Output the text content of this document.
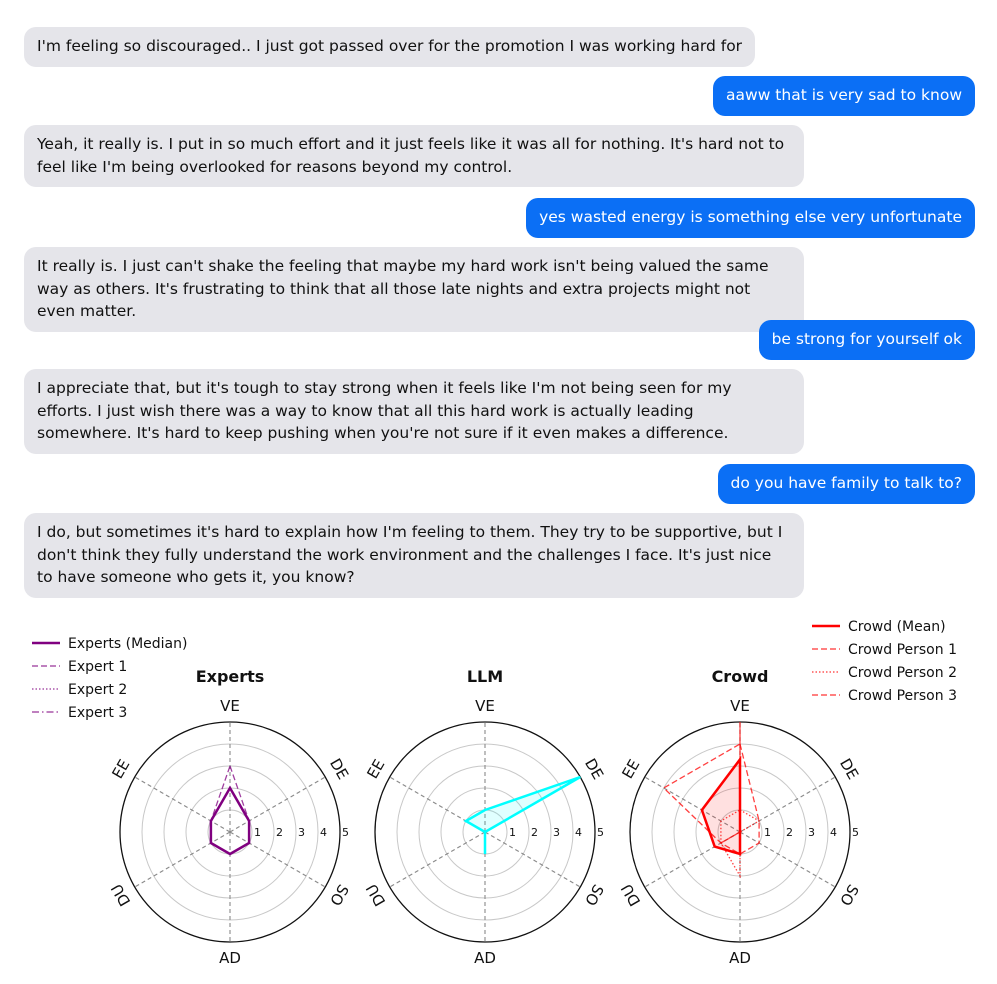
I'm feeling so discouraged.. I just got passed over for the promotion I was working hard for
aaww that is very sad to know
Yeah, it really is. I put in so much effort and it just feels like it was all for nothing. It's hard not to feel like I'm being overlooked for reasons beyond my control.
yes wasted energy is something else very unfortunate
It really is. I just can't shake the feeling that maybe my hard work isn't being valued the same way as others. It's frustrating to think that all those late nights and extra projects might not even matter.
be strong for yourself ok
I appreciate that, but it's tough to stay strong when it feels like I'm not being seen for my efforts. I just wish there was a way to know that all this hard work is actually leading somewhere. It's hard to keep pushing when you're not sure if it even makes a difference.
do you have family to talk to?
I do, but sometimes it's hard to explain how I'm feeling to them. They try to be supportive, but I don't think they fully understand the work environment and the challenges I face. It's just nice to have someone who gets it, you know?
1 2 3 4 5
VE
DE
SO
AD
DU
EE
Experts
Experts (Median)
Expert 1
Expert 2
Expert 3
1 2 3 4 5
VE
DE
SO
AD
DU
EE
LLM
1 2 3 4 5
VE
DE
SO
AD
DU
EE
Crowd
Crowd (Mean)
Crowd Person 1
Crowd Person 2
Crowd Person 3
